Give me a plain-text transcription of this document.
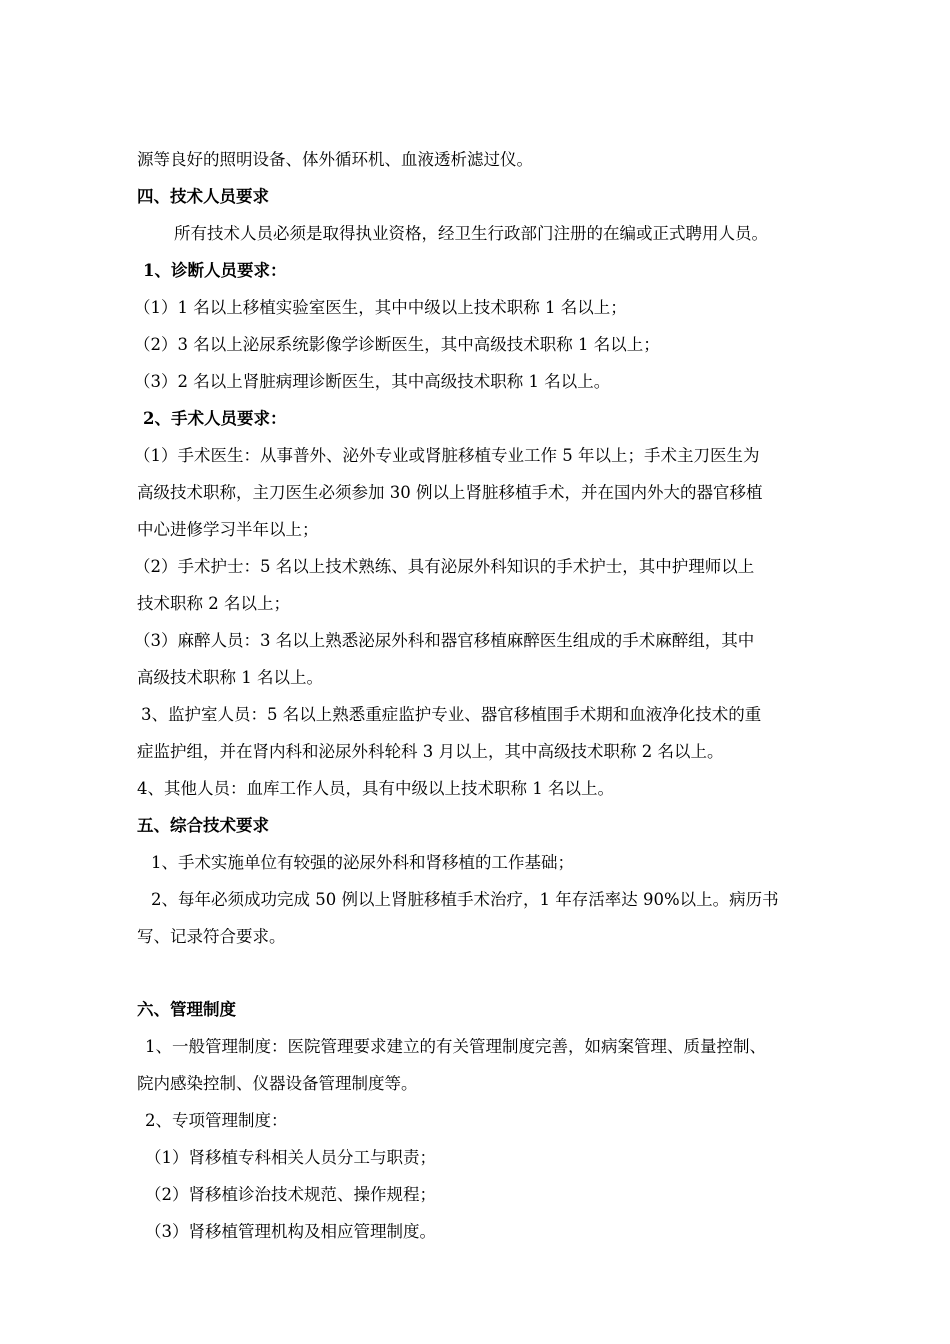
源等良好的照明设备、体外循环机、血液透析滤过仪。
四、技术人员要求
所有技术人员必须是取得执业资格，经卫生行政部门注册的在编或正式聘用人员。
1、诊断人员要求：
（1）1 名以上移植实验室医生，其中中级以上技术职称 1 名以上；
（2）3 名以上泌尿系统影像学诊断医生，其中高级技术职称 1 名以上；
（3）2 名以上肾脏病理诊断医生，其中高级技术职称 1 名以上。
2、手术人员要求：
（1）手术医生：从事普外、泌外专业或肾脏移植专业工作 5 年以上；手术主刀医生为
高级技术职称，主刀医生必须参加 30 例以上肾脏移植手术，并在国内外大的器官移植
中心进修学习半年以上；
（2）手术护士：5 名以上技术熟练、具有泌尿外科知识的手术护士，其中护理师以上
技术职称 2 名以上；
（3）麻醉人员：3 名以上熟悉泌尿外科和器官移植麻醉医生组成的手术麻醉组，其中
高级技术职称 1 名以上。
3、监护室人员：5 名以上熟悉重症监护专业、器官移植围手术期和血液净化技术的重
症监护组，并在肾内科和泌尿外科轮科 3 月以上，其中高级技术职称 2 名以上。
4、其他人员：血库工作人员，具有中级以上技术职称 1 名以上。
五、综合技术要求
1、手术实施单位有较强的泌尿外科和肾移植的工作基础；
2、每年必须成功完成 50 例以上肾脏移植手术治疗，1 年存活率达 90%以上。病历书
写、记录符合要求。
六、管理制度
1、一般管理制度：医院管理要求建立的有关管理制度完善，如病案管理、质量控制、
院内感染控制、仪器设备管理制度等。
2、专项管理制度：
（1）肾移植专科相关人员分工与职责；
（2）肾移植诊治技术规范、操作规程；
（3）肾移植管理机构及相应管理制度。
